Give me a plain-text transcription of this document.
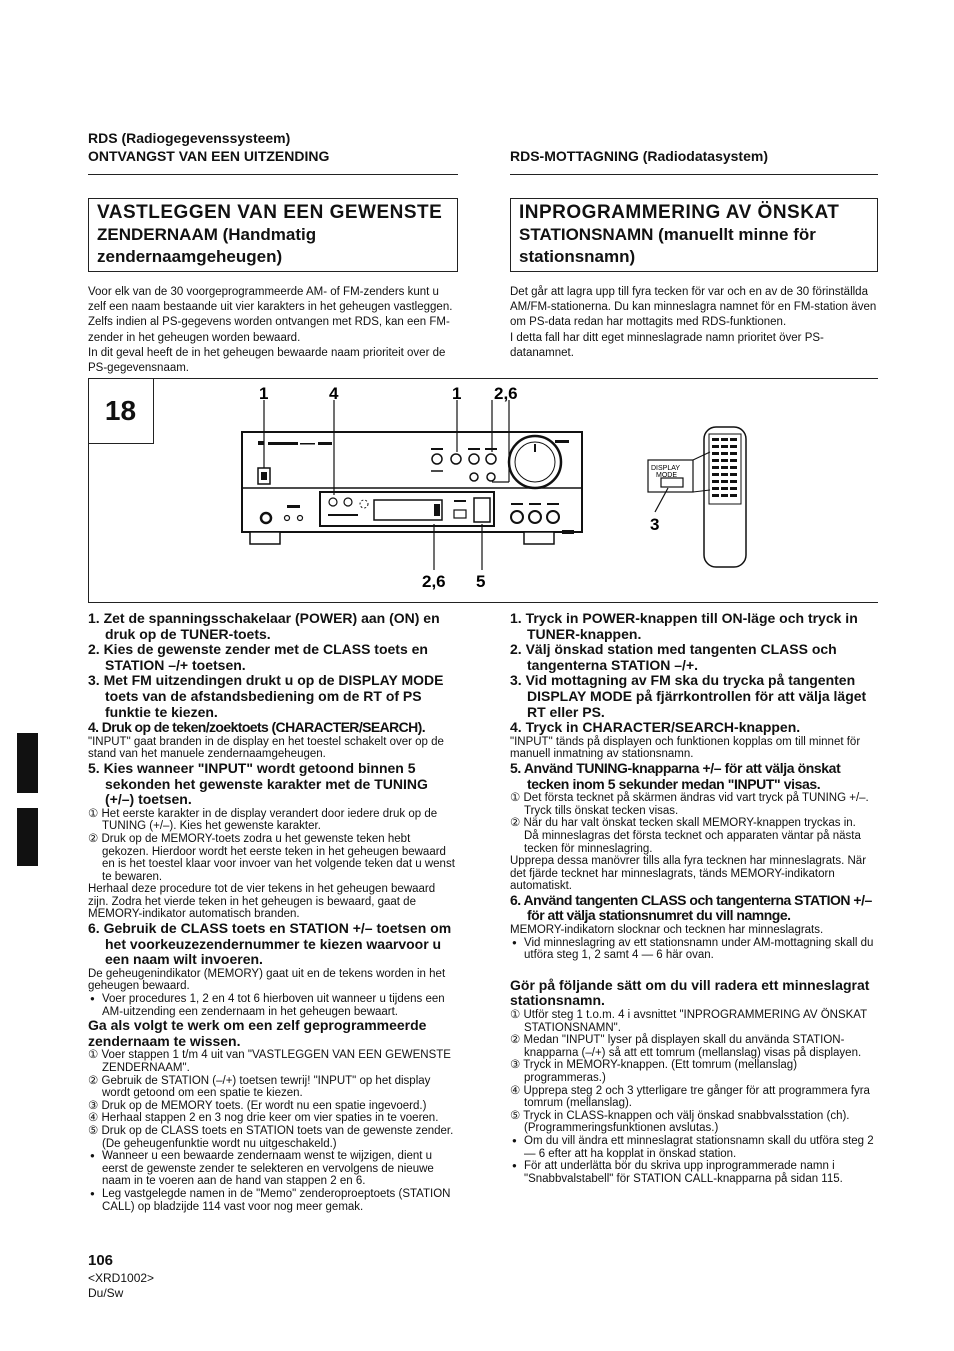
RDS (Radiogegevenssysteem)
ONTVANGST VAN EEN UITZENDING	RDS-MOTTAGNING (Radiodatasystem)
VASTLEGGEN VAN EEN GEWENSTE
ZENDERNAAM (Handmatig
zendernaamgeheugen)
INPROGRAMMERING AV ÖNSKAT
STATIONSNAMN (manuellt minne för
stationsnamn)
Voor elk van de 30 voorgeprogrammeerde AM- of FM-zenders kunt u zelf een naam bestaande uit vier karakters in het geheugen vastleggen. Zelfs indien al PS-gegevens worden ontvangen met RDS, kan een FM-zender in het geheugen worden bewaard.
In dit geval heeft de in het geheugen bewaarde naam prioriteit over de PS-gegevensnaam.
Det går att lagra upp till fyra tecken för var och en av de 30 förinställda AM/FM-stationerna. Du kan minneslagra namnet för en FM-station även om PS-data redan har mottagits med RDS-funktionen.
I detta fall har ditt eget minneslagrade namn prioritet över PS-datanamnet.
18
1	4	1 2,6
2,6 5
3
DISPLAY
MODE

1. Zet de spanningsschakelaar (POWER) aan (ON) en druk op de TUNER-toets.

2. Kies de gewenste zender met de CLASS toets en STATION –/+ toetsen.

3. Met FM uitzendingen drukt u op de DISPLAY MODE toets van de afstandsbediening om de RT of PS funktie te kiezen.

4. Druk op de teken/zoektoets (CHARACTER/SEARCH).

"INPUT" gaat branden in de display en het toestel schakelt over op de stand van het manuele zendernaamgeheugen.

5. Kies wanneer "INPUT" wordt getoond binnen 5 sekonden het gewenste karakter met de TUNING (+/–) toetsen.

① Het eerste karakter in de display verandert door iedere druk op de TUNING (+/–). Kies het gewenste karakter.

② Druk op de MEMORY-toets zodra u het gewenste teken hebt gekozen. Hierdoor wordt het eerste teken in het geheugen bewaard en is het toestel klaar voor invoer van het volgende teken dat u wenst te bewaren.

Herhaal deze procedure tot de vier tekens in het geheugen bewaard zijn. Zodra het vierde teken in het geheugen is bewaard, gaat de MEMORY-indikator automatisch branden.

6. Gebruik de CLASS toets en STATION +/– toetsen om het voorkeuzezendernummer te kiezen waarvoor u een naam wilt invoeren.

De geheugenindikator (MEMORY) gaat uit en de tekens worden in het geheugen bewaard.

● Voer procedures 1, 2 en 4 tot 6 hierboven uit wanneer u tijdens een AM-uitzending een zendernaam in het geheugen bewaart.

Ga als volgt te werk om een zelf geprogrammeerde zendernaam te wissen.

① Voer stappen 1 t/m 4 uit van "VASTLEGGEN VAN EEN GEWENSTE ZENDERNAAM".

② Gebruik de STATION (–/+) toetsen tewrij! "INPUT" op het display wordt getoond om een spatie te kiezen.

③ Druk op de MEMORY toets. (Er wordt nu een spatie ingevoerd.)

④ Herhaal stappen 2 en 3 nog drie keer om vier spaties in te voeren.

⑤ Druk op de CLASS toets en STATION toets van de gewenste zender. (De geheugenfunktie wordt nu uitgeschakeld.)

● Wanneer u een bewaarde zendernaam wenst te wijzigen, dient u eerst de gewenste zender te selekteren en vervolgens de nieuwe naam in te voeren aan de hand van stappen 2 en 6.

● Leg vastgelegde namen in de "Memo" zenderoproeptoets (STATION CALL) op bladzijde 114 vast voor nog meer gemak.

1. Tryck in POWER-knappen till ON-läge och tryck in TUNER-knappen.

2. Välj önskad station med tangenten CLASS och tangenterna STATION –/+.

3. Vid mottagning av FM ska du trycka på tangenten DISPLAY MODE på fjärrkontrollen för att välja läget RT eller PS.

4. Tryck in CHARACTER/SEARCH-knappen.

"INPUT" tänds på displayen och funktionen kopplas om till minnet för manuell inmatning av stationsnamn.

5. Använd TUNING-knapparna +/– för att välja önskat tecken inom 5 sekunder medan "INPUT" visas.

① Det första tecknet på skärmen ändras vid vart tryck på TUNING +/–. Tryck tills önskat tecken visas.

② När du har valt önskat tecken skall MEMORY-knappen tryckas in.

Då minneslagras det första tecknet och apparaten väntar på nästa tecken för minneslagring.

Upprepa dessa manövrer tills alla fyra tecknen har minneslagrats. När det fjärde tecknet har minneslagrats, tänds MEMORY-indikatorn automatiskt.

6. Använd tangenten CLASS och tangenterna STATION +/– för att välja stationsnumret du vill namnge.

MEMORY-indikatorn slocknar och tecknen har minneslagrats.

● Vid minneslagring av ett stationsnamn under AM-mottagning skall du utföra steg 1, 2 samt 4 — 6 här ovan.

Gör på följande sätt om du vill radera ett minneslagrat stationsnamn.

① Utför steg 1 t.o.m. 4 i avsnittet "INPROGRAMMERING AV ÖNSKAT STATIONSNAMN".

② Medan "INPUT" lyser på displayen skall du använda STATION-knapparna (–/+) så att ett tomrum (mellanslag) visas på displayen.

③ Tryck in MEMORY-knappen. (Ett tomrum (mellanslag) programmeras.)

④ Upprepa steg 2 och 3 ytterligare tre gånger för att programmera fyra tomrum (mellanslag).

⑤ Tryck in CLASS-knappen och välj önskad snabbvalsstation (ch). (Programmeringsfunktionen avslutas.)

● Om du vill ändra ett minneslagrat stationsnamn skall du utföra steg 2 — 6 efter att ha kopplat in önskad station.

● För att underlätta bör du skriva upp inprogrammerade namn i "Snabbvalstabell" för STATION CALL-knapparna på sidan 115.

106
<XRD1002>
Du/Sw
